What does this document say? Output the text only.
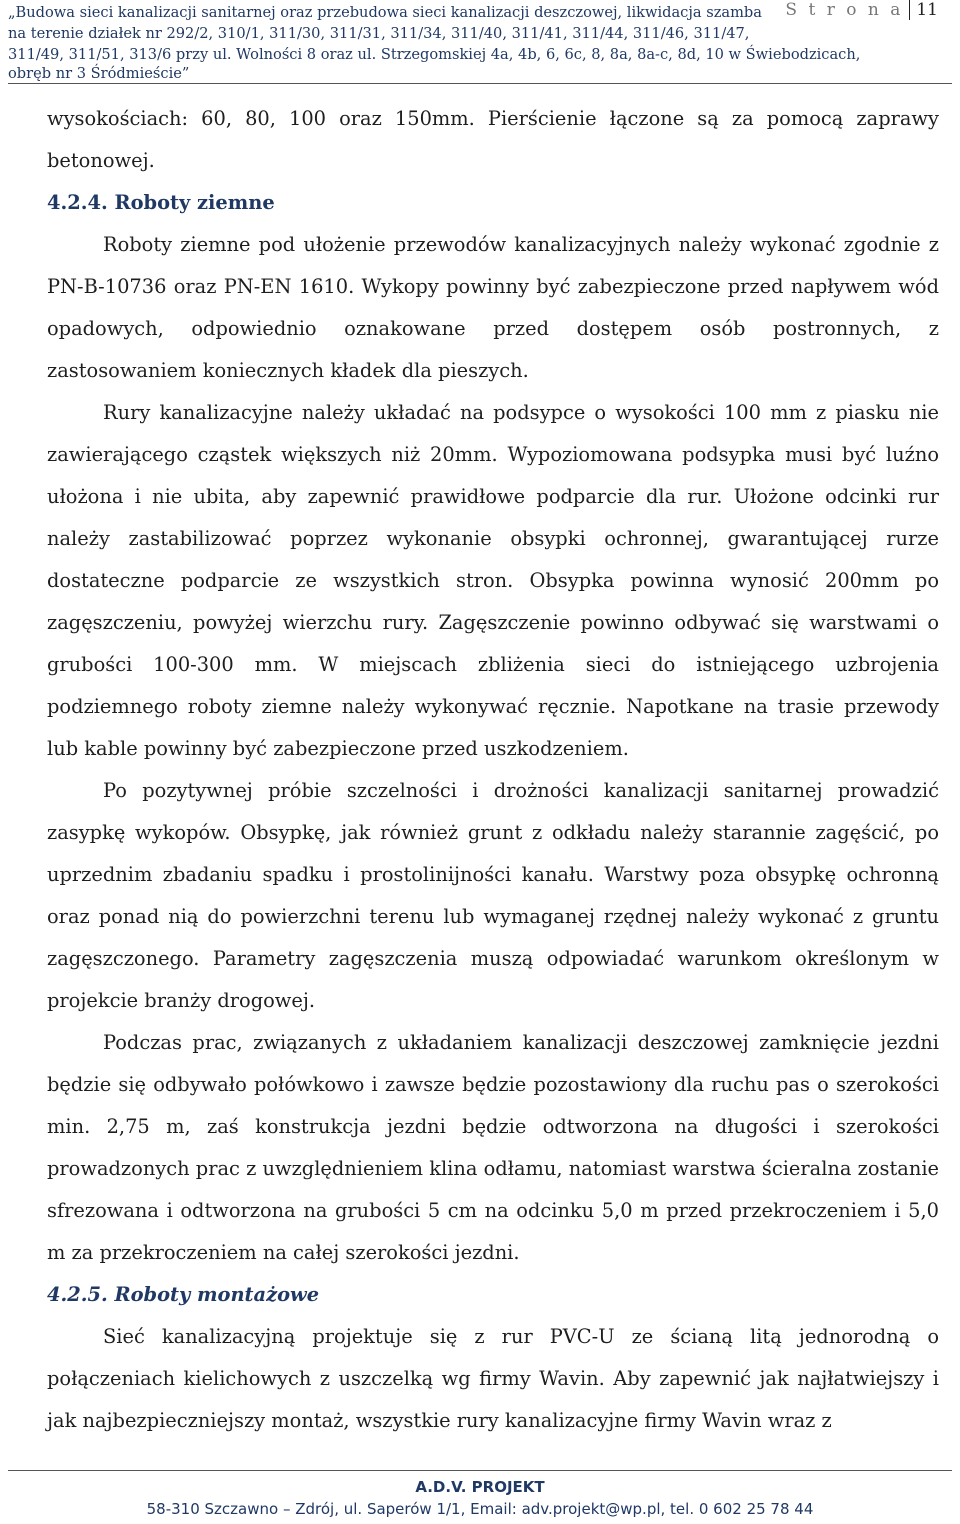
„Budowa sieci kanalizacji sanitarnej oraz przebudowa sieci kanalizacji deszczowej, likwidacja szamba
na terenie działek nr 292/2, 310/1, 311/30, 311/31, 311/34, 311/40, 311/41, 311/44, 311/46, 311/47,
311/49, 311/51, 313/6 przy ul. Wolności 8 oraz ul. Strzegomskiej 4a, 4b, 6, 6c, 8, 8a, 8a-c, 8d, 10 w Świebodzicach,
obręb nr 3 Śródmieście”
S t r o n a 11

wysokościach: 60, 80, 100 oraz 150mm. Pierścienie łączone są za pomocą zaprawy betonowej.

4.2.4. Roboty ziemne

Roboty ziemne pod ułożenie przewodów kanalizacyjnych należy wykonać zgodnie z PN-B-10736 oraz PN-EN 1610. Wykopy powinny być zabezpieczone przed napływem wód opadowych, odpowiednio oznakowane przed dostępem osób postronnych, z zastosowaniem koniecznych kładek dla pieszych.

Rury kanalizacyjne należy układać na podsypce o wysokości 100 mm z piasku nie zawierającego cząstek większych niż 20mm. Wypoziomowana podsypka musi być luźno ułożona i nie ubita, aby zapewnić prawidłowe podparcie dla rur. Ułożone odcinki rur należy zastabilizować poprzez wykonanie obsypki ochronnej, gwarantującej rurze dostateczne podparcie ze wszystkich stron. Obsypka powinna wynosić 200mm po zagęszczeniu, powyżej wierzchu rury. Zagęszczenie powinno odbywać się warstwami o grubości 100-300 mm. W miejscach zbliżenia sieci do istniejącego uzbrojenia podziemnego roboty ziemne należy wykonywać ręcznie. Napotkane na trasie przewody lub kable powinny być zabezpieczone przed uszkodzeniem.

Po pozytywnej próbie szczelności i drożności kanalizacji sanitarnej prowadzić zasypkę wykopów. Obsypkę, jak również grunt z odkładu należy starannie zagęścić, po uprzednim zbadaniu spadku i prostolinijności kanału. Warstwy poza obsypkę ochronną oraz ponad nią do powierzchni terenu lub wymaganej rzędnej należy wykonać z gruntu zagęszczonego. Parametry zagęszczenia muszą odpowiadać warunkom określonym w projekcie branży drogowej.

Podczas prac, związanych z układaniem kanalizacji deszczowej zamknięcie jezdni będzie się odbywało połówkowo i zawsze będzie pozostawiony dla ruchu pas o szerokości min. 2,75 m, zaś konstrukcja jezdni będzie odtworzona na długości i szerokości prowadzonych prac z uwzględnieniem klina odłamu, natomiast warstwa ścieralna zostanie sfrezowana i odtworzona na grubości 5 cm na odcinku 5,0 m przed przekroczeniem i 5,0 m za przekroczeniem na całej szerokości jezdni.

4.2.5. Roboty montażowe

Sieć kanalizacyjną projektuje się z rur PVC-U ze ścianą litą jednorodną o połączeniach kielichowych z uszczelką wg firmy Wavin. Aby zapewnić jak najłatwiejszy i jak najbezpieczniejszy montaż, wszystkie rury kanalizacyjne firmy Wavin wraz z

A.D.V. PROJEKT
58-310 Szczawno – Zdrój, ul. Saperów 1/1, Email: adv.projekt@wp.pl, tel. 0 602 25 78 44
